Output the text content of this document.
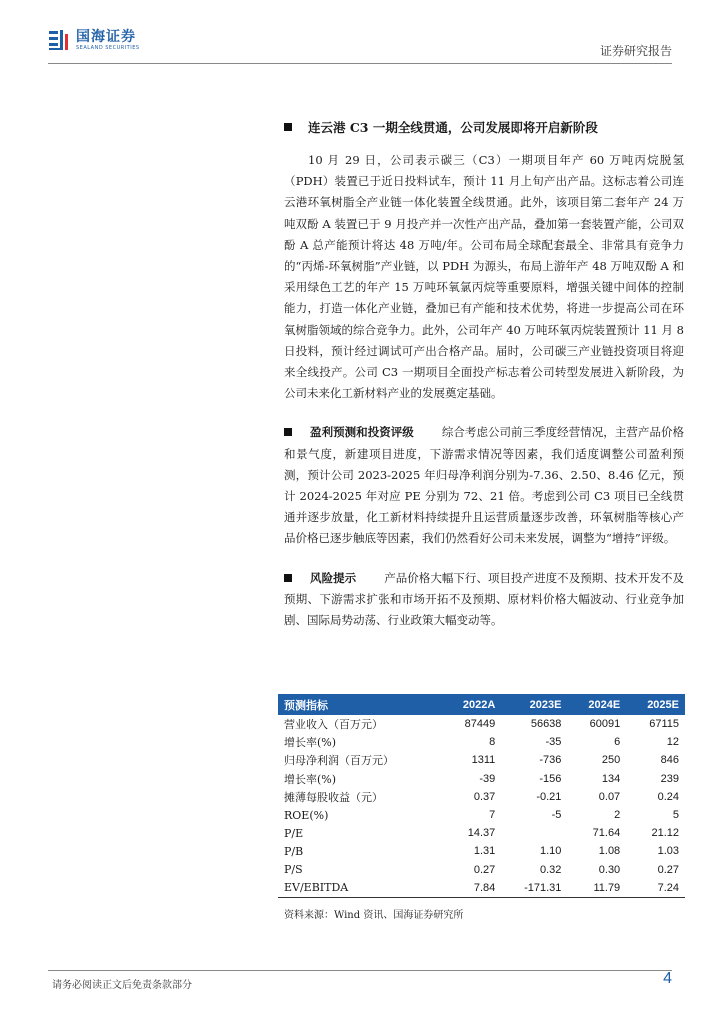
国海证券
SEALAND SECURITIES	证券研究报告
连云港 C3 一期全线贯通，公司发展即将开启新阶段

10 月 29 日，公司表示碳三（C3）一期项目年产 60 万吨丙烷脱氢（PDH）装置已于近日投料试车，预计 11 月上旬产出产品。这标志着公司连云港环氧树脂全产业链一体化装置全线贯通。此外，该项目第二套年产 24 万吨双酚 A 装置已于 9 月投产并一次性产出产品，叠加第一套装置产能，公司双酚 A 总产能预计将达 48 万吨/年。公司布局全球配套最全、非常具有竞争力的“丙烯-环氧树脂”产业链，以 PDH 为源头，布局上游年产 48 万吨双酚 A 和采用绿色工艺的年产 15 万吨环氧氯丙烷等重要原料，增强关键中间体的控制能力，打造一体化产业链，叠加已有产能和技术优势，将进一步提高公司在环氧树脂领域的综合竞争力。此外，公司年产 40 万吨环氧丙烷装置预计 11 月 8 日投料，预计经过调试可产出合格产品。届时，公司碳三产业链投资项目将迎来全线投产。公司 C3 一期项目全面投产标志着公司转型发展进入新阶段，为公司未来化工新材料产业的发展奠定基础。

盈利预测和投资评级 综合考虑公司前三季度经营情况，主营产品价格和景气度，新建项目进度，下游需求情况等因素，我们适度调整公司盈利预测，预计公司 2023-2025 年归母净利润分别为-7.36、2.50、8.46 亿元，预计 2024-2025 年对应 PE 分别为 72、21 倍。考虑到公司 C3 项目已全线贯通并逐步放量，化工新材料持续提升且运营质量逐步改善，环氧树脂等核心产品价格已逐步触底等因素，我们仍然看好公司未来发展，调整为“增持”评级。

风险提示 产品价格大幅下行、项目投产进度不及预期、技术开发不及预期、下游需求扩张和市场开拓不及预期、原材料价格大幅波动、行业竞争加剧、国际局势动荡、行业政策大幅变动等。

预测指标	2022A	2023E	2024E	2025E
营业收入（百万元）	87449	56638	60091	67115
增长率(%)	8	-35	6	12
归母净利润（百万元）	1311	-736	250	846
增长率(%)	-39	-156	134	239
摊薄每股收益（元）	0.37	-0.21	0.07	0.24
ROE(%)	7	-5	2	5
P/E	14.37		71.64	21.12
P/B	1.31	1.10	1.08	1.03
P/S	0.27	0.32	0.30	0.27
EV/EBITDA	7.84	-171.31	11.79	7.24
资料来源：Wind 资讯、国海证券研究所
请务必阅读正文后免责条款部分	4
